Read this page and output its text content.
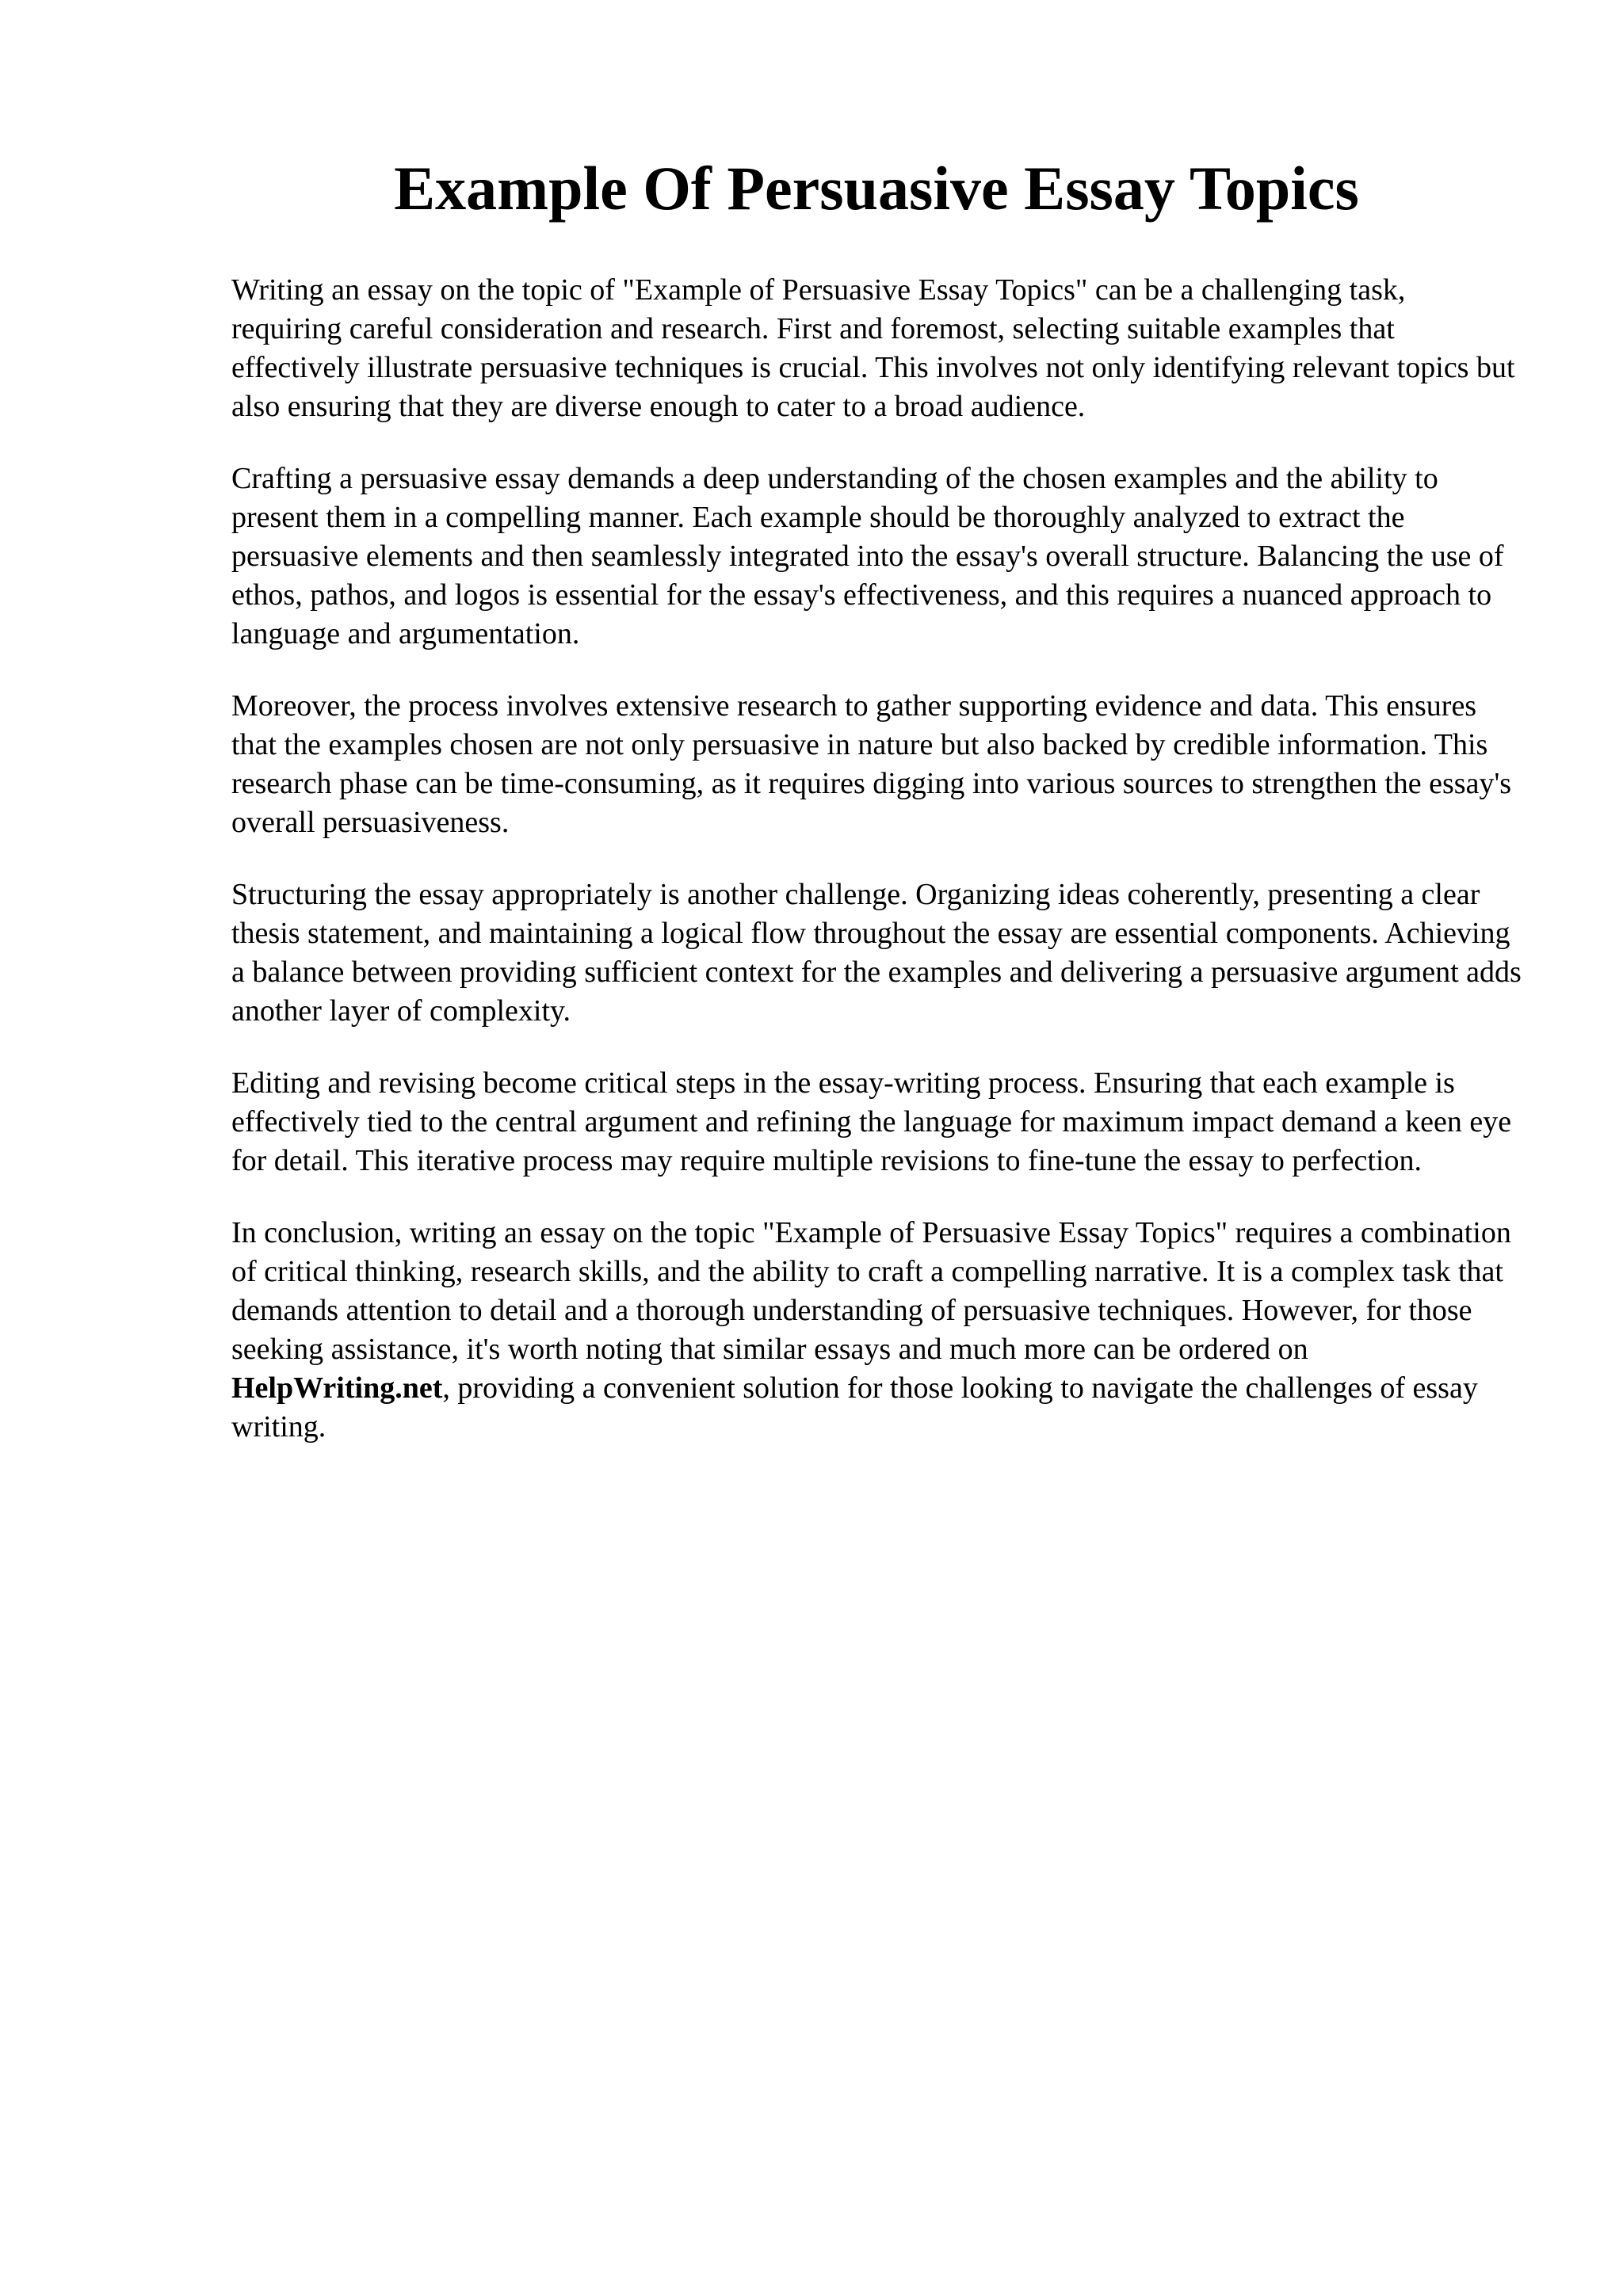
Example Of Persuasive Essay Topics

Writing an essay on the topic of "Example of Persuasive Essay Topics" can be a challenging task, requiring careful consideration and research. First and foremost, selecting suitable examples that effectively illustrate persuasive techniques is crucial. This involves not only identifying relevant topics but also ensuring that they are diverse enough to cater to a broad audience.

Crafting a persuasive essay demands a deep understanding of the chosen examples and the ability to present them in a compelling manner. Each example should be thoroughly analyzed to extract the persuasive elements and then seamlessly integrated into the essay's overall structure. Balancing the use of ethos, pathos, and logos is essential for the essay's effectiveness, and this requires a nuanced approach to language and argumentation.

Moreover, the process involves extensive research to gather supporting evidence and data. This ensures that the examples chosen are not only persuasive in nature but also backed by credible information. This research phase can be time-consuming, as it requires digging into various sources to strengthen the essay's overall persuasiveness.

Structuring the essay appropriately is another challenge. Organizing ideas coherently, presenting a clear thesis statement, and maintaining a logical flow throughout the essay are essential components. Achieving a balance between providing sufficient context for the examples and delivering a persuasive argument adds another layer of complexity.

Editing and revising become critical steps in the essay-writing process. Ensuring that each example is effectively tied to the central argument and refining the language for maximum impact demand a keen eye for detail. This iterative process may require multiple revisions to fine-tune the essay to perfection.

In conclusion, writing an essay on the topic "Example of Persuasive Essay Topics" requires a combination of critical thinking, research skills, and the ability to craft a compelling narrative. It is a complex task that demands attention to detail and a thorough understanding of persuasive techniques. However, for those seeking assistance, it's worth noting that similar essays and much more can be ordered on HelpWriting.net, providing a convenient solution for those looking to navigate the challenges of essay writing.
